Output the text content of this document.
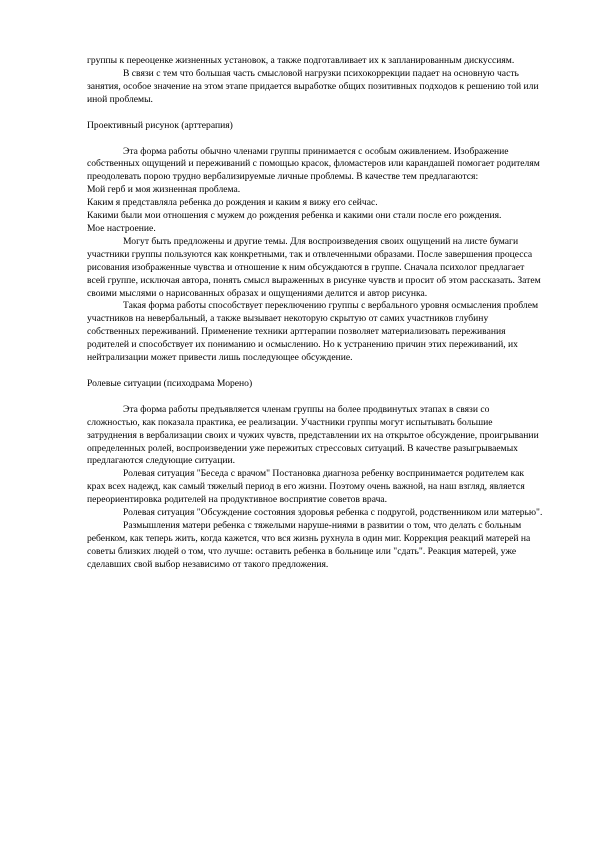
группы к переоценке жизненных установок, а также подготавливает их к запланированным дискуссиям.

В связи с тем что большая часть смысловой нагрузки психокоррекции падает на основную часть занятия, особое значение на этом этапе придается выработке общих позитивных подходов к решению той или иной проблемы.

Проективный рисунок (арттерапия)

Эта форма работы обычно членами группы принимается с особым оживлением. Изображение собственных ощущений и переживаний с помощью красок, фломастеров или карандашей помогает родителям преодолевать порою трудно вербализируемые личные проблемы. В качестве тем предлагаются:

Мой герб и моя жизненная проблема.

Каким я представляла ребенка до рождения и каким я вижу его сейчас.

Какими были мои отношения с мужем до рождения ребенка и какими они стали после его рождения.

Мое настроение.

Могут быть предложены и другие темы. Для воспроизведения своих ощущений на листе бумаги участники группы пользуются как конкретными, так и отвлеченными образами. После завершения процесса рисования изображенные чувства и отношение к ним обсуждаются в группе. Сначала психолог предлагает всей группе, исключая автора, понять смысл выраженных в рисунке чувств и просит об этом рассказать. Затем своими мыслями о нарисованных образах и ощущениями делится и автор рисунка.

Такая форма работы способствует переключению группы с вербального уровня осмысления проблем участников на невербальный, а также вызывает некоторую скрытую от самих участников глубину собственных переживаний. Применение техники арттерапии позволяет материализовать переживания родителей и способствует их пониманию и осмыслению. Но к устранению причин этих переживаний, их нейтрализации может привести лишь последующее обсуждение.

Ролевые ситуации (психодрама Морено)

Эта форма работы предъявляется членам группы на более продвинутых этапах в связи со сложностью, как показала практика, ее реализации. Участники группы могут испытывать большие затруднения в вербализации своих и чужих чувств, представлении их на открытое обсуждение, проигрывании определенных ролей, воспроизведении уже пережитых стрессовых ситуаций. В качестве разыгрываемых предлагаются следующие ситуации.

Ролевая ситуация "Беседа с врачом" Постановка диагноза ребенку воспринимается родителем как крах всех надежд, как самый тяжелый период в его жизни. Поэтому очень важной, на наш взгляд, является переориентировка родителей на продуктивное восприятие советов врача.

Ролевая ситуация "Обсуждение состояния здоровья ребенка с подругой, родственником или матерью".

Размышления матери ребенка с тяжелыми наруше-ниями в развитии о том, что делать с больным ребенком, как теперь жить, когда кажется, что вся жизнь рухнула в один миг. Коррекция реакций матерей на советы близких людей о том, что лучше: оставить ребенка в больнице или "сдать". Реакция матерей, уже сделавших свой выбор независимо от такого предложения.
